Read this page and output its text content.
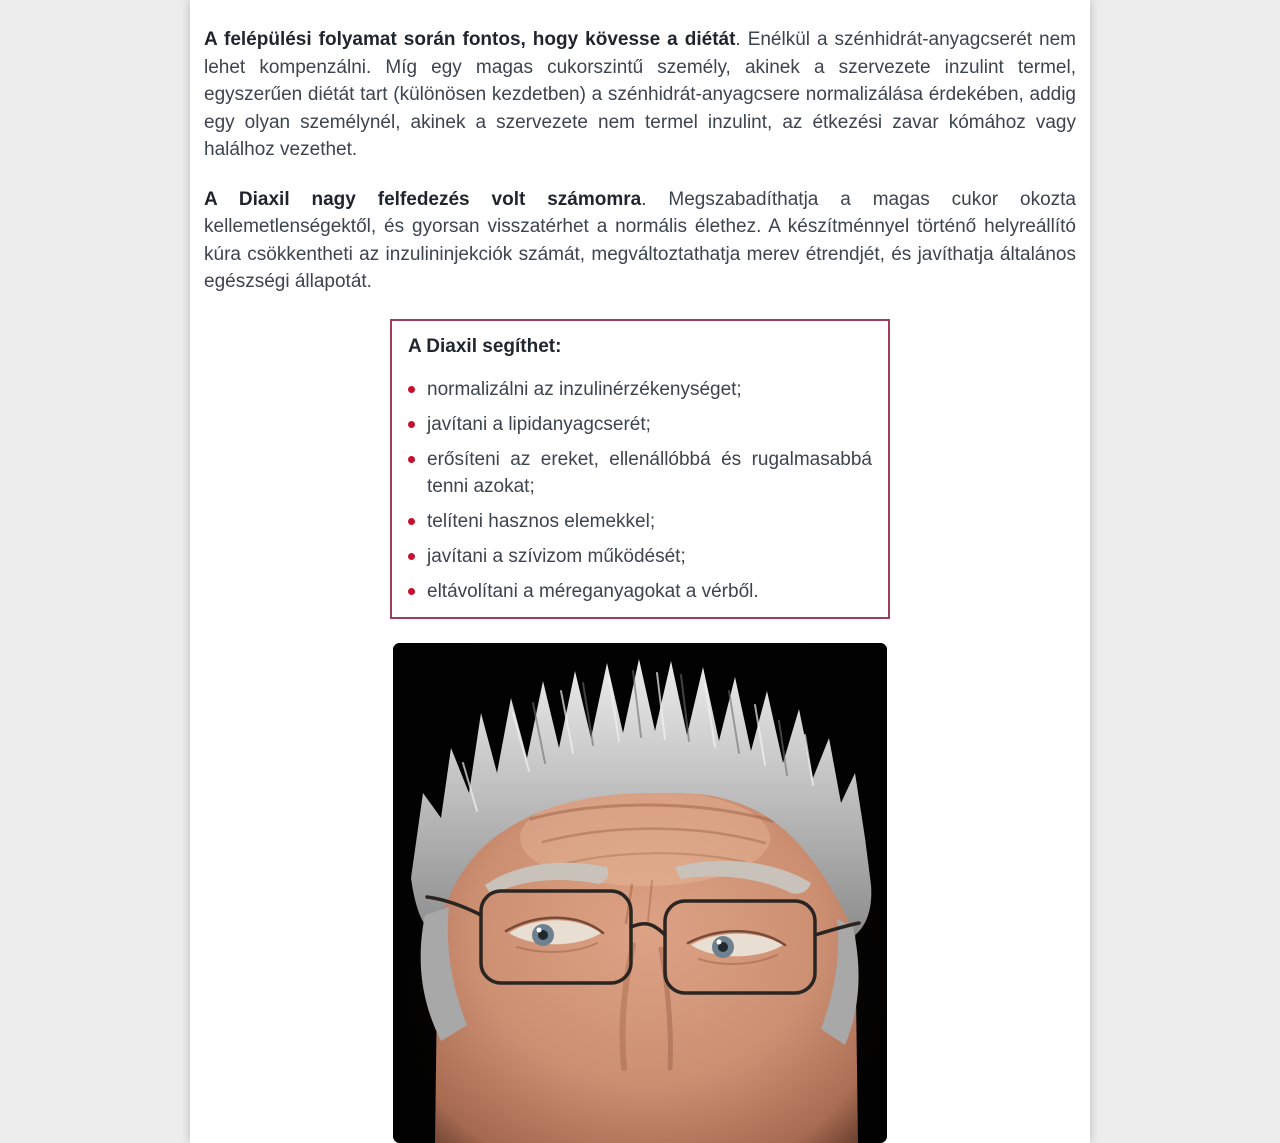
A felépülési folyamat során fontos, hogy kövesse a diétát. Enélkül a szénhidrát-anyagcserét nem lehet kompenzálni. Míg egy magas cukorszintű személy, akinek a szervezete inzulint termel, egyszerűen diétát tart (különösen kezdetben) a szénhidrát-anyagcsere normalizálása érdekében, addig egy olyan személynél, akinek a szervezete nem termel inzulint, az étkezési zavar kómához vagy halálhoz vezethet.

A Diaxil nagy felfedezés volt számomra. Megszabadíthatja a magas cukor okozta kellemetlenségektől, és gyorsan visszatérhet a normális élethez. A készítménnyel történő helyreállító kúra csökkentheti az inzulininjekciók számát, megváltoztathatja merev étrendjét, és javíthatja általános egészségi állapotát.

A Diaxil segíthet:
normalizálni az inzulinérzékenységet;
javítani a lipidanyagcserét;
erősíteni az ereket, ellenállóbbá és rugalmasabbá tenni azokat;
telíteni hasznos elemekkel;
javítani a szívizom működését;
eltávolítani a méreganyagokat a vérből.
